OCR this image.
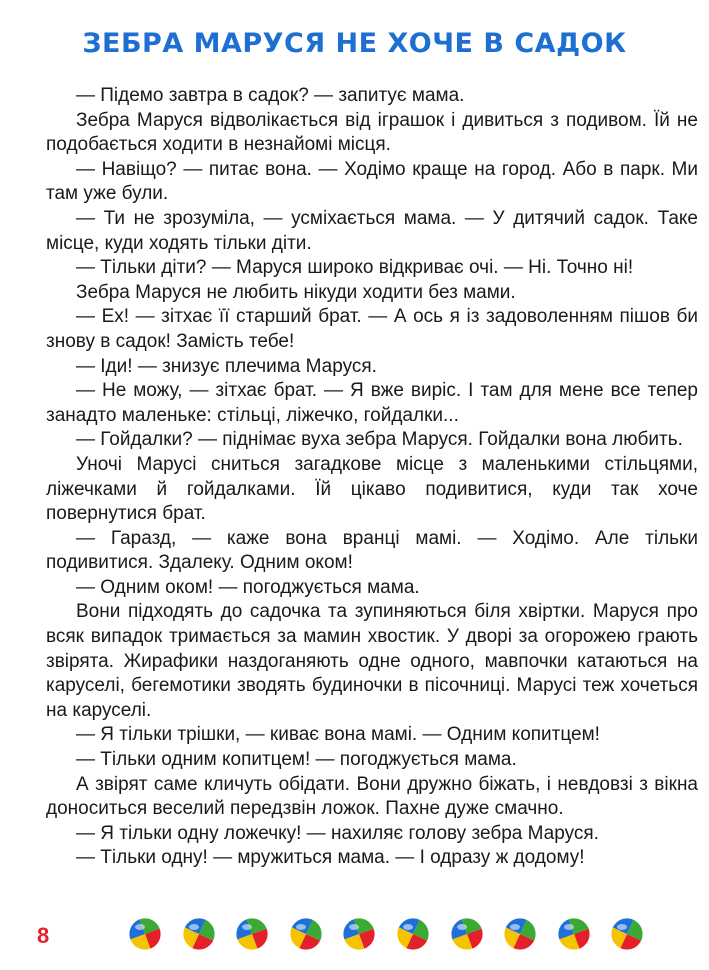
ЗЕБРА МАРУСЯ НЕ ХОЧЕ В САДОК

— Підемо завтра в садок? — запитує мама.

Зебра Маруся відволікається від іграшок і дивиться з подивом. Їй не подобається ходити в незнайомі місця.

— Навіщо? — питає вона. — Ходімо краще на город. Або в парк. Ми там уже були.

— Ти не зрозуміла, — усміхається мама. — У дитячий садок. Таке місце, куди ходять тільки діти.

— Тільки діти? — Маруся широко відкриває очі. — Ні. Точно ні!

Зебра Маруся не любить нікуди ходити без мами.

— Ех! — зітхає її старший брат. — А ось я із задоволенням пішов би знову в садок! Замість тебе!

— Іди! — знизує плечима Маруся.

— Не можу, — зітхає брат. — Я вже виріс. І там для мене все тепер занадто маленьке: стільці, ліжечко, гойдалки...

— Гойдалки? — піднімає вуха зебра Маруся. Гойдалки вона любить.

Уночі Марусі сниться загадкове місце з маленькими стільцями, ліжечками й гойдалками. Їй цікаво подивитися, куди так хоче повернутися брат.

— Гаразд, — каже вона вранці мамі. — Ходімо. Але тільки подивитися. Здалеку. Одним оком!

— Одним оком! — погоджується мама.

Вони підходять до садочка та зупиняються біля хвіртки. Маруся про всяк випадок тримається за мамин хвостик. У дворі за огорожею грають звірята. Жирафики наздоганяють одне одного, мавпочки катаються на каруселі, бегемотики зводять будиночки в пісочниці. Марусі теж хочеться на каруселі.

— Я тільки трішки, — киває вона мамі. — Одним копитцем!

— Тільки одним копитцем! — погоджується мама.

А звірят саме кличуть обідати. Вони дружно біжать, і невдовзі з вікна доноситься веселий передзвін ложок. Пахне дуже смачно.

— Я тільки одну ложечку! — нахиляє голову зебра Маруся.

— Тільки одну! — мружиться мама. — І одразу ж додому!

8
